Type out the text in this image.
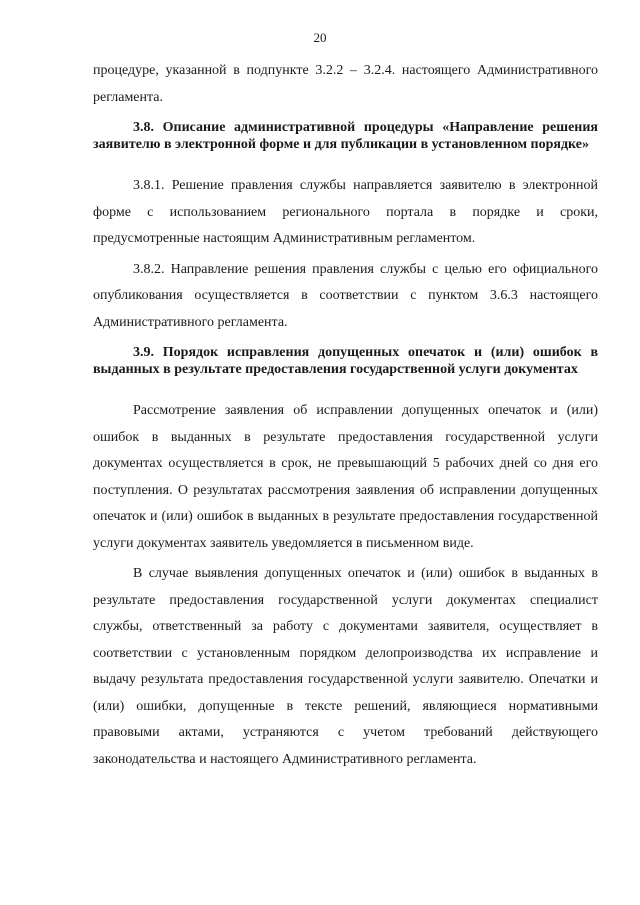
20

процедуре, указанной в подпункте 3.2.2 – 3.2.4. настоящего Административного регламента.

3.8. Описание административной процедуры «Направление решения заявителю в электронной форме и для публикации в установленном порядке»

3.8.1. Решение правления службы направляется заявителю в электронной форме с использованием регионального портала в порядке и сроки, предусмотренные настоящим Административным регламентом.

3.8.2. Направление решения правления службы с целью его официального опубликования осуществляется в соответствии с пунктом 3.6.3 настоящего Административного регламента.

3.9. Порядок исправления допущенных опечаток и (или) ошибок в выданных в результате предоставления государственной услуги документах

Рассмотрение заявления об исправлении допущенных опечаток и (или) ошибок в выданных в результате предоставления государственной услуги документах осуществляется в срок, не превышающий 5 рабочих дней со дня его поступления. О результатах рассмотрения заявления об исправлении допущенных опечаток и (или) ошибок в выданных в результате предоставления государственной услуги документах заявитель уведомляется в письменном виде.

В случае выявления допущенных опечаток и (или) ошибок в выданных в результате предоставления государственной услуги документах специалист службы, ответственный за работу с документами заявителя, осуществляет в соответствии с установленным порядком делопроизводства их исправление и выдачу результата предоставления государственной услуги заявителю. Опечатки и (или) ошибки, допущенные в тексте решений, являющиеся нормативными правовыми актами, устраняются с учетом требований действующего законодательства и настоящего Административного регламента.
